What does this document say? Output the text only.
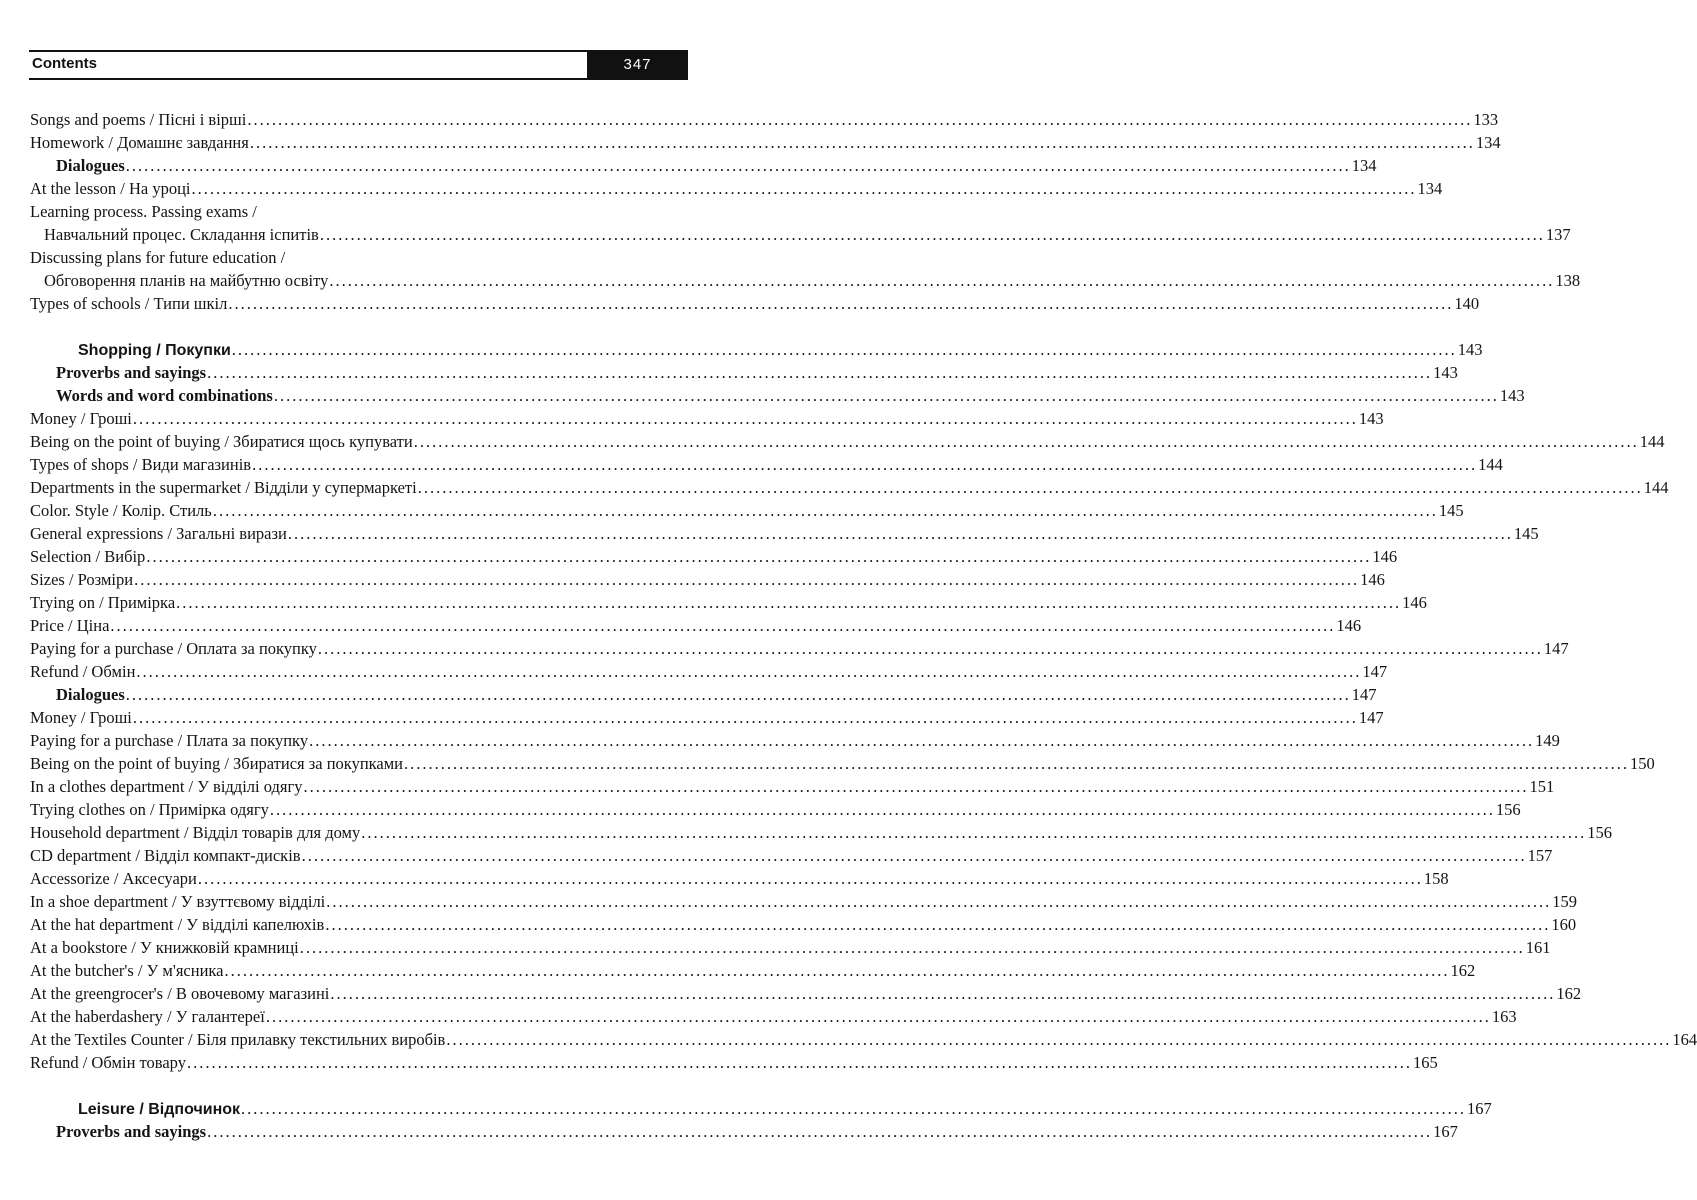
Contents	347
Songs and poems / Пісні і вірші ........................................................................................................................................................................................................ 133
Homework / Домашнє завдання ........................................................................................................................................................................................................ 134
Dialogues ........................................................................................................................................................................................................ 134
At the lesson / На уроці ........................................................................................................................................................................................................ 134
Learning process. Passing exams /
Навчальний процес. Складання іспитів ........................................................................................................................................................................................................ 137
Discussing plans for future education /
Обговорення планів на майбутню освіту ........................................................................................................................................................................................................ 138
Types of schools / Типи шкіл ........................................................................................................................................................................................................ 140
Shopping / Покупки ........................................................................................................................................................................................................ 143
Proverbs and sayings ........................................................................................................................................................................................................ 143
Words and word combinations ........................................................................................................................................................................................................ 143
Money / Гроші ........................................................................................................................................................................................................ 143
Being on the point of buying / Збиратися щось купувати ........................................................................................................................................................................................................ 144
Types of shops / Види магазинів ........................................................................................................................................................................................................ 144
Departments in the supermarket / Відділи у супермаркеті ........................................................................................................................................................................................................ 144
Color. Style / Колір. Стиль ........................................................................................................................................................................................................ 145
General expressions / Загальні вирази ........................................................................................................................................................................................................ 145
Selection / Вибір ........................................................................................................................................................................................................ 146
Sizes / Розміри ........................................................................................................................................................................................................ 146
Trying on / Примірка ........................................................................................................................................................................................................ 146
Price / Ціна ........................................................................................................................................................................................................ 146
Paying for a purchase / Оплата за покупку ........................................................................................................................................................................................................ 147
Refund / Обмін ........................................................................................................................................................................................................ 147
Dialogues ........................................................................................................................................................................................................ 147
Money / Гроші ........................................................................................................................................................................................................ 147
Paying for a purchase / Плата за покупку ........................................................................................................................................................................................................ 149
Being on the point of buying / Збиратися за покупками ........................................................................................................................................................................................................ 150
In a clothes department / У відділі одягу ........................................................................................................................................................................................................ 151
Trying clothes on / Примірка одягу ........................................................................................................................................................................................................ 156
Household department / Відділ товарів для дому ........................................................................................................................................................................................................ 156
CD department / Відділ компакт-дисків ........................................................................................................................................................................................................ 157
Accessorize / Аксесуари ........................................................................................................................................................................................................ 158
In a shoe department / У взуттєвому відділі ........................................................................................................................................................................................................ 159
At the hat department / У відділі капелюхів ........................................................................................................................................................................................................ 160
At a bookstore / У книжковій крамниці ........................................................................................................................................................................................................ 161
At the butcher's / У м'ясника ........................................................................................................................................................................................................ 162
At the greengrocer's / В овочевому магазині ........................................................................................................................................................................................................ 162
At the haberdashery / У галантереї ........................................................................................................................................................................................................ 163
At the Textiles Counter / Біля прилавку текстильних виробів ........................................................................................................................................................................................................ 164
Refund / Обмін товару ........................................................................................................................................................................................................ 165
Leisure / Відпочинок ........................................................................................................................................................................................................ 167
Proverbs and sayings ........................................................................................................................................................................................................ 167
